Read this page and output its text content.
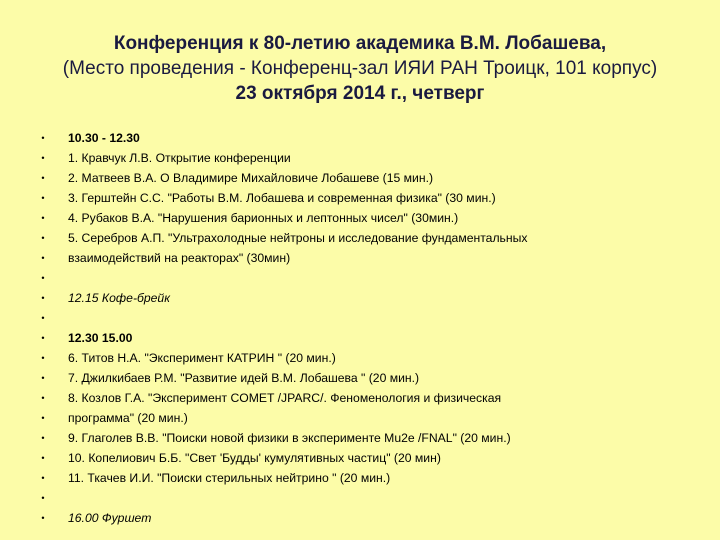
Конференция к 80-летию академика В.М. Лобашева,
(Место проведения - Конференц-зал ИЯИ РАН Троицк, 101 корпус)
23 октября 2014 г., четверг
• 10.30 - 12.30
• 1. Кравчук Л.В. Открытие конференции
• 2. Матвеев В.А. О Владимире Михайловиче Лобашеве (15 мин.)
• 3. Герштейн С.С. "Работы В.М. Лобашева и современная физика" (30 мин.)
• 4. Рубаков В.А. "Нарушения барионных и лептонных чисел" (30мин.)
• 5. Серебров А.П. "Ультрахолодные нейтроны и исследование фундаментальных
• взаимодействий на реакторах" (30мин)
•
• 12.15 Кофе-брейк
•
• 12.30 15.00
• 6. Титов Н.А. "Эксперимент КАТРИН " (20 мин.)
• 7. Джилкибаев Р.М. "Развитие идей В.М. Лобашева " (20 мин.)
• 8. Козлов Г.А. "Эксперимент COMET /JPARC/. Феноменология и физическая
• программа" (20 мин.)
• 9. Глаголев В.В. "Поиски новой физики в эксперименте Mu2e /FNAL" (20 мин.)
• 10. Копелиович Б.Б. "Свет 'Будды' кумулятивных частиц" (20 мин)
• 11. Ткачев И.И. "Поиски стерильных нейтрино " (20 мин.)
•
• 16.00 Фуршет
